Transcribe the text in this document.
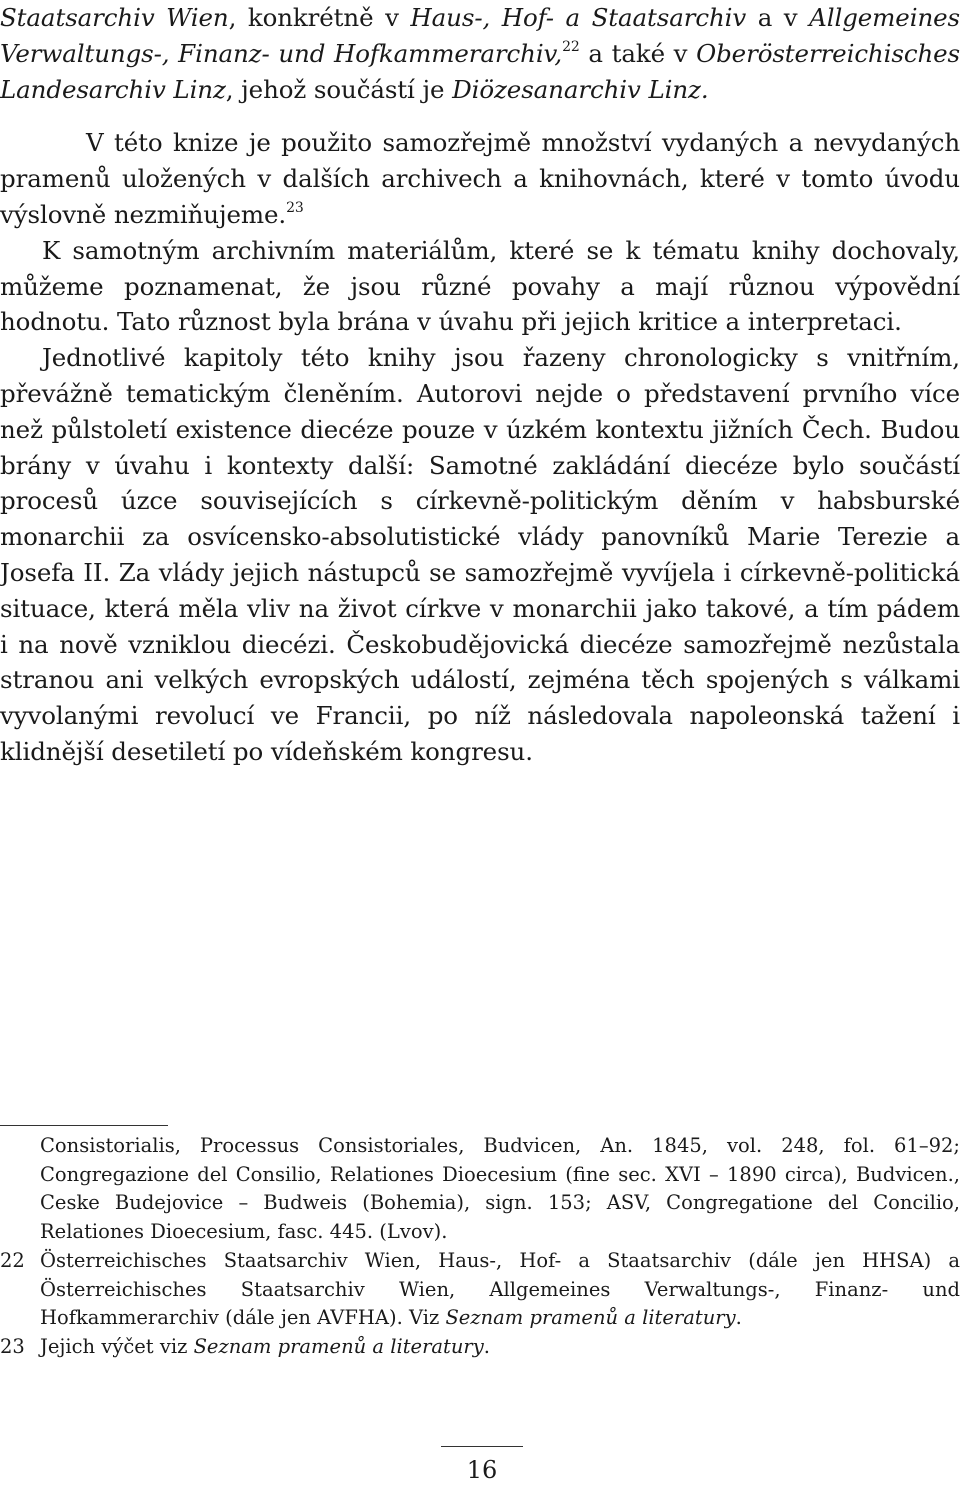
Staatsarchiv Wien, konkrétně v Haus-, Hof- a Staatsarchiv a v Allgemeines Verwaltungs-, Finanz- und Hofkammerarchiv,$^{22}$ a také v Oberösterreichisches Landesarchiv Linz, jehož součástí je Diözesanarchiv Linz.

V této knize je použito samozřejmě množství vydaných a nevydaných pramenů uložených v dalších archivech a knihovnách, které v tomto úvodu výslovně nezmiňujeme.$^{23}$

K samotným archivním materiálům, které se k tématu knihy dochovaly, můžeme poznamenat, že jsou různé povahy a mají různou výpovědní hodnotu. Tato různost byla brána v úvahu při jejich kritice a interpretaci.

Jednotlivé kapitoly této knihy jsou řazeny chronologicky s vnitřním, převážně tematickým členěním. Autorovi nejde o představení prvního více než půlstoletí existence diecéze pouze v úzkém kontextu jižních Čech. Budou brány v úvahu i kontexty další: Samotné zakládání diecéze bylo součástí procesů úzce souvisejících s církevně-politickým děním v habsburské monarchii za osvícensko-absolutistické vlády panovníků Marie Terezie a Josefa II. Za vlády jejich nástupců se samozřejmě vyvíjela i církevně-politická situace, která měla vliv na život církve v monarchii jako takové, a tím pádem i na nově vzniklou diecézi. Českobudějovická diecéze samozřejmě nezůstala stranou ani velkých evropských událostí, zejména těch spojených s válkami vyvolanými revolucí ve Francii, po níž následovala napoleonská tažení i klidnější desetiletí po vídeňském kongresu.

Consistorialis, Processus Consistoriales, Budvicen, An. 1845, vol. 248, fol. 61–92; Congregazione del Consilio, Relationes Dioecesium (fine sec. XVI – 1890 circa), Budvicen., Ceske Budejovice – Budweis (Bohemia), sign. 153; ASV, Congregatione del Concilio, Relationes Dioecesium, fasc. 445. (Lvov).

22 Österreichisches Staatsarchiv Wien, Haus-, Hof- a Staatsarchiv (dále jen HHSA) a Österreichisches Staatsarchiv Wien, Allgemeines Verwaltungs-, Finanz- und Hofkammerarchiv (dále jen AVFHA). Viz Seznam pramenů a literatury.

23 Jejich výčet viz Seznam pramenů a literatury.

16
